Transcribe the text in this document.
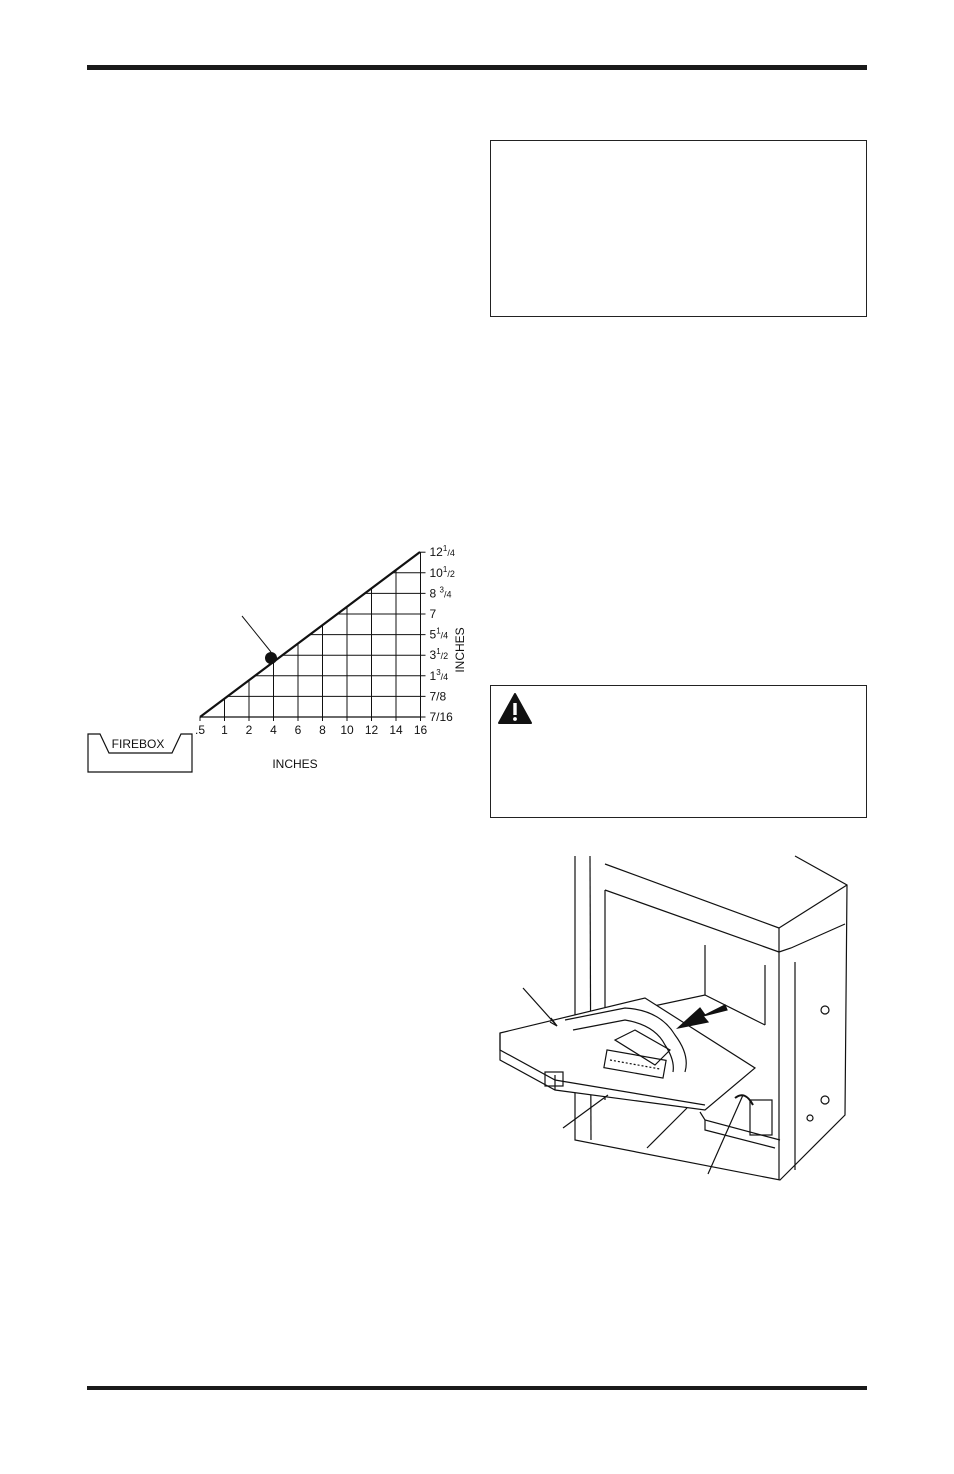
.5 1 2 4 6 8 10 12 14 16
7/16
7/8
$1^3_{/4}$
$3^1_{/2}$
$5^1_{/4}$
7
8 $^3_{/4}$
$10^1_{/2}$
$12^1_{/4}$
INCHES
INCHES
FIREBOX
